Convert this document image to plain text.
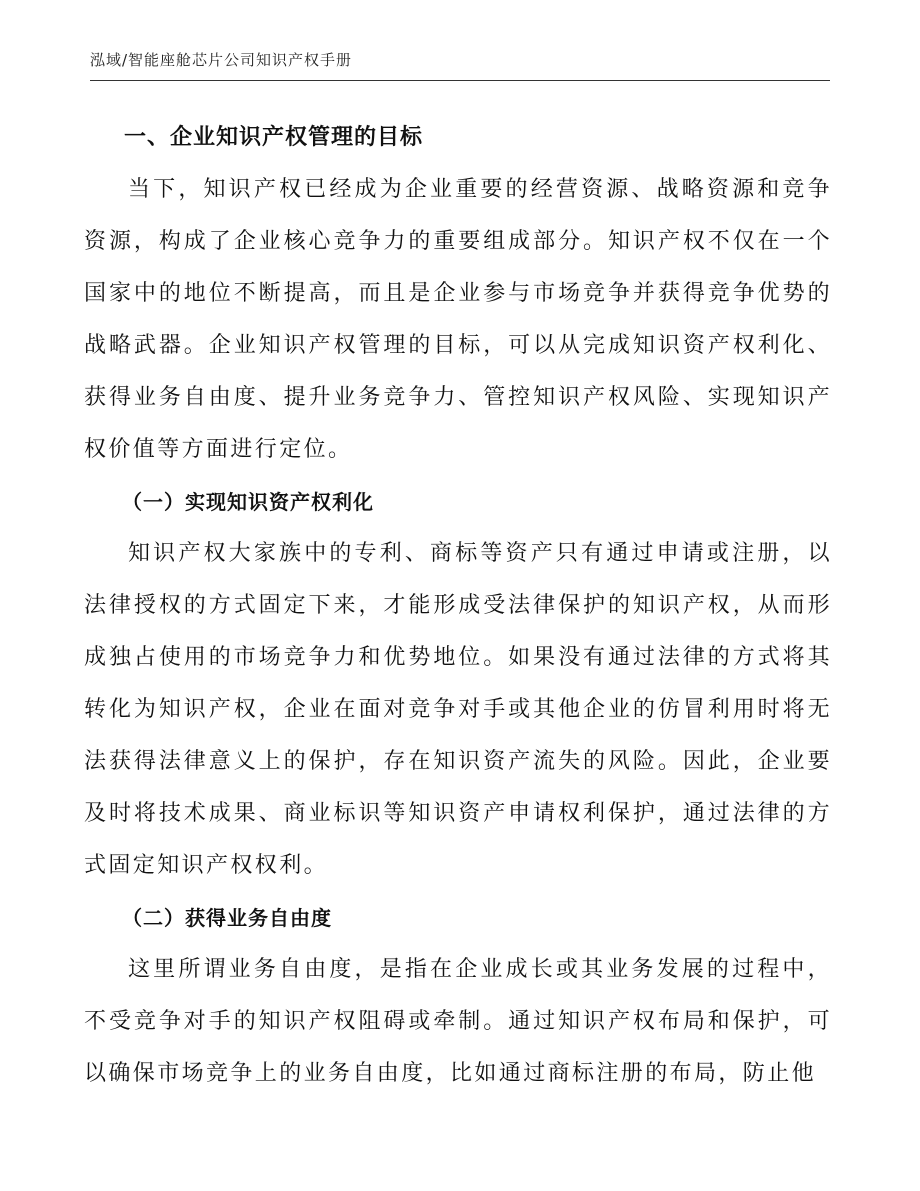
泓域/智能座舱芯片公司知识产权手册
一、企业知识产权管理的目标

当下，知识产权已经成为企业重要的经营资源、战略资源和竞争资源，构成了企业核心竞争力的重要组成部分。知识产权不仅在一个国家中的地位不断提高，而且是企业参与市场竞争并获得竞争优势的战略武器。企业知识产权管理的目标，可以从完成知识资产权利化、获得业务自由度、提升业务竞争力、管控知识产权风险、实现知识产权价值等方面进行定位。

（一）实现知识资产权利化

知识产权大家族中的专利、商标等资产只有通过申请或注册，以法律授权的方式固定下来，才能形成受法律保护的知识产权，从而形成独占使用的市场竞争力和优势地位。如果没有通过法律的方式将其转化为知识产权，企业在面对竞争对手或其他企业的仿冒利用时将无法获得法律意义上的保护，存在知识资产流失的风险。因此，企业要及时将技术成果、商业标识等知识资产申请权利保护，通过法律的方式固定知识产权权利。

（二）获得业务自由度

这里所谓业务自由度，是指在企业成长或其业务发展的过程中，不受竞争对手的知识产权阻碍或牵制。通过知识产权布局和保护，可以确保市场竞争上的业务自由度，比如通过商标注册的布局，防止他
